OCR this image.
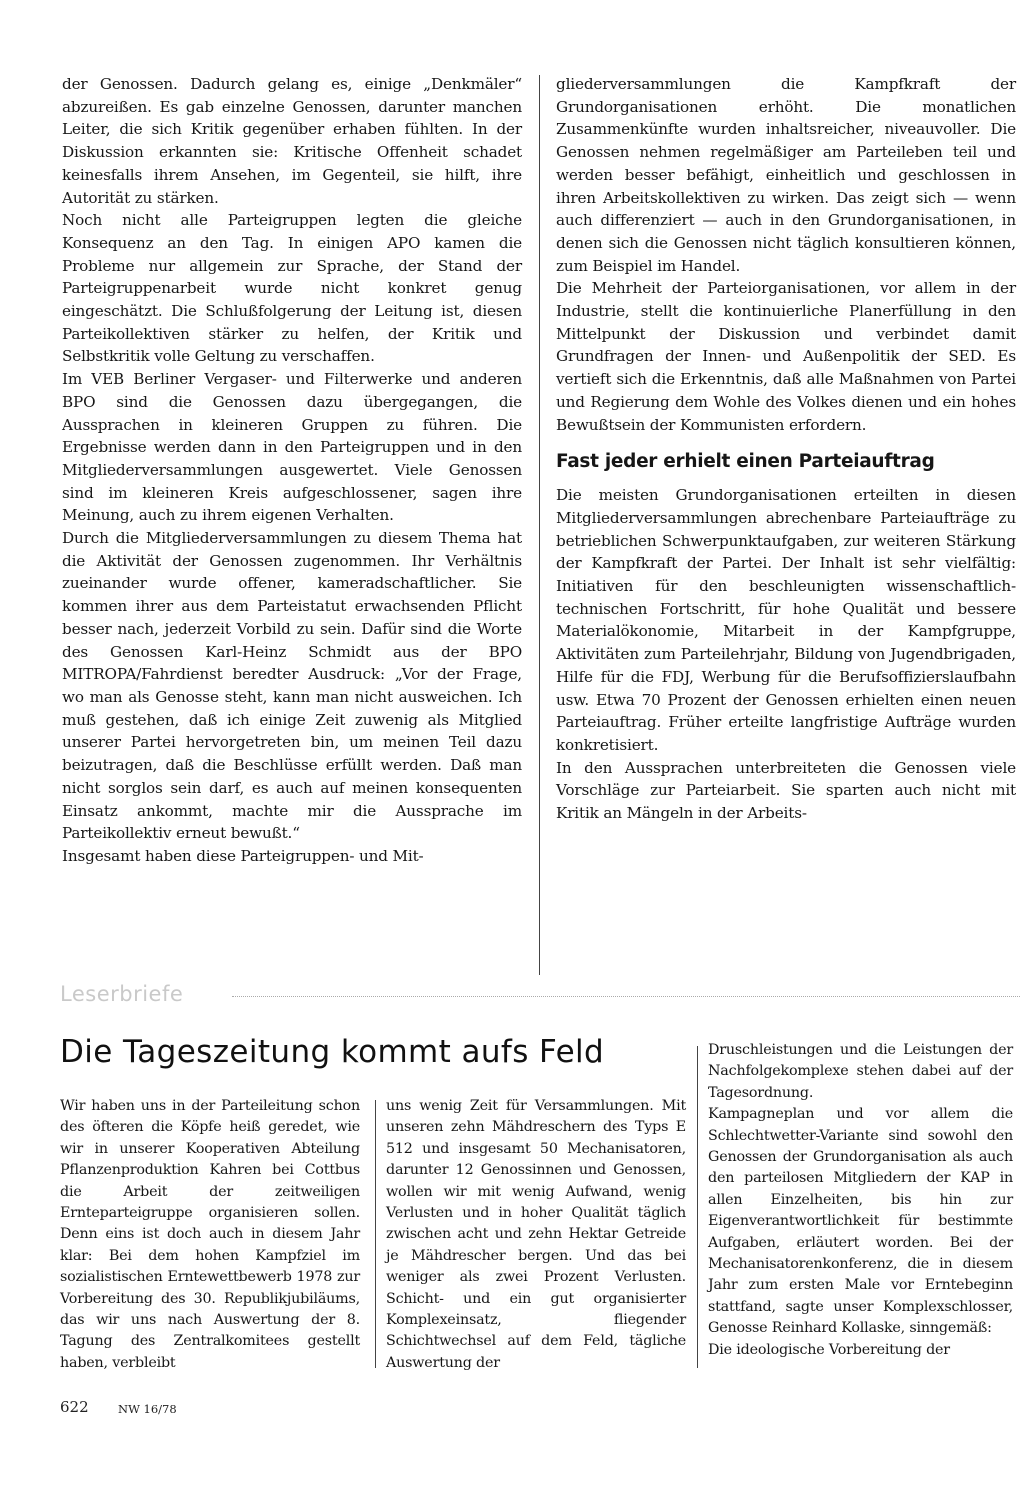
der Genossen. Dadurch gelang es, einige „Denkmäler“ abzureißen. Es gab einzelne Genossen, darunter manchen Leiter, die sich Kritik gegenüber erhaben fühlten. In der Diskussion erkannten sie: Kritische Offenheit schadet keinesfalls ihrem Ansehen, im Gegenteil, sie hilft, ihre Autorität zu stärken.

Noch nicht alle Parteigruppen legten die gleiche Konsequenz an den Tag. In einigen APO kamen die Probleme nur allgemein zur Sprache, der Stand der Parteigruppenarbeit wurde nicht konkret genug eingeschätzt. Die Schlußfolgerung der Leitung ist, diesen Parteikollektiven stärker zu helfen, der Kritik und Selbstkritik volle Geltung zu verschaffen.

Im VEB Berliner Vergaser- und Filterwerke und anderen BPO sind die Genossen dazu übergegangen, die Aussprachen in kleineren Gruppen zu führen. Die Ergebnisse werden dann in den Parteigruppen und in den Mitgliederversammlungen ausgewertet. Viele Genossen sind im kleineren Kreis aufgeschlossener, sagen ihre Meinung, auch zu ihrem eigenen Verhalten.

Durch die Mitgliederversammlungen zu diesem Thema hat die Aktivität der Genossen zugenommen. Ihr Verhältnis zueinander wurde offener, kameradschaftlicher. Sie kommen ihrer aus dem Parteistatut erwachsenden Pflicht besser nach, jederzeit Vorbild zu sein. Dafür sind die Worte des Genossen Karl-Heinz Schmidt aus der BPO MITROPA/Fahrdienst beredter Ausdruck: „Vor der Frage, wo man als Genosse steht, kann man nicht ausweichen. Ich muß gestehen, daß ich einige Zeit zuwenig als Mitglied unserer Partei hervorgetreten bin, um meinen Teil dazu beizutragen, daß die Beschlüsse erfüllt werden. Daß man nicht sorglos sein darf, es auch auf meinen konsequenten Einsatz ankommt, machte mir die Aussprache im Parteikollektiv erneut bewußt.“

Insgesamt haben diese Parteigruppen- und Mit-

gliederversammlungen die Kampfkraft der Grundorganisationen erhöht. Die monatlichen Zusammenkünfte wurden inhaltsreicher, niveauvoller. Die Genossen nehmen regelmäßiger am Parteileben teil und werden besser befähigt, einheitlich und geschlossen in ihren Arbeitskollektiven zu wirken. Das zeigt sich — wenn auch differenziert — auch in den Grundorganisationen, in denen sich die Genossen nicht täglich konsultieren können, zum Beispiel im Handel.

Die Mehrheit der Parteiorganisationen, vor allem in der Industrie, stellt die kontinuierliche Planerfüllung in den Mittelpunkt der Diskussion und verbindet damit Grundfragen der Innen- und Außenpolitik der SED. Es vertieft sich die Erkenntnis, daß alle Maßnahmen von Partei und Regierung dem Wohle des Volkes dienen und ein hohes Bewußtsein der Kommunisten erfordern.

Fast jeder erhielt einen Parteiauftrag

Die meisten Grundorganisationen erteilten in diesen Mitgliederversammlungen abrechenbare Parteiaufträge zu betrieblichen Schwerpunktaufgaben, zur weiteren Stärkung der Kampfkraft der Partei. Der Inhalt ist sehr vielfältig: Initiativen für den beschleunigten wissenschaftlich-technischen Fortschritt, für hohe Qualität und bessere Materialökonomie, Mitarbeit in der Kampfgruppe, Aktivitäten zum Parteilehrjahr, Bildung von Jugendbrigaden, Hilfe für die FDJ, Werbung für die Berufsoffizierslaufbahn usw. Etwa 70 Prozent der Genossen erhielten einen neuen Parteiauftrag. Früher erteilte langfristige Aufträge wurden konkretisiert.

In den Aussprachen unterbreiteten die Genossen viele Vorschläge zur Parteiarbeit. Sie sparten auch nicht mit Kritik an Mängeln in der Arbeits-

Leserbriefe
Die Tageszeitung kommt aufs Feld

Wir haben uns in der Parteileitung schon des öfteren die Köpfe heiß geredet, wie wir in unserer Kooperativen Abteilung Pflanzenproduktion Kahren bei Cottbus die Arbeit der zeitweiligen Ernteparteigruppe organisieren sollen. Denn eins ist doch auch in diesem Jahr klar: Bei dem hohen Kampfziel im sozialistischen Erntewettbewerb 1978 zur Vorbereitung des 30. Republikjubiläums, das wir uns nach Auswertung der 8. Tagung des Zentralkomitees gestellt haben, verbleibt

uns wenig Zeit für Versammlungen. Mit unseren zehn Mähdreschern des Typs E 512 und insgesamt 50 Mechanisatoren, darunter 12 Genossinnen und Genossen, wollen wir mit wenig Aufwand, wenig Verlusten und in hoher Qualität täglich zwischen acht und zehn Hektar Getreide je Mähdrescher bergen. Und das bei weniger als zwei Prozent Verlusten. Schicht- und ein gut organisierter Komplexeinsatz, fliegender Schichtwechsel auf dem Feld, tägliche Auswertung der

Druschleistungen und die Leistungen der Nachfolgekomplexe stehen dabei auf der Tagesordnung.

Kampagneplan und vor allem die Schlechtwetter-Variante sind sowohl den Genossen der Grundorganisation als auch den parteilosen Mitgliedern der KAP in allen Einzelheiten, bis hin zur Eigenverantwortlichkeit für bestimmte Aufgaben, erläutert worden. Bei der Mechanisatorenkonferenz, die in diesem Jahr zum ersten Male vor Erntebeginn stattfand, sagte unser Komplexschlosser, Genosse Reinhard Kollaske, sinngemäß:

Die ideologische Vorbereitung der

622	NW 16/78
